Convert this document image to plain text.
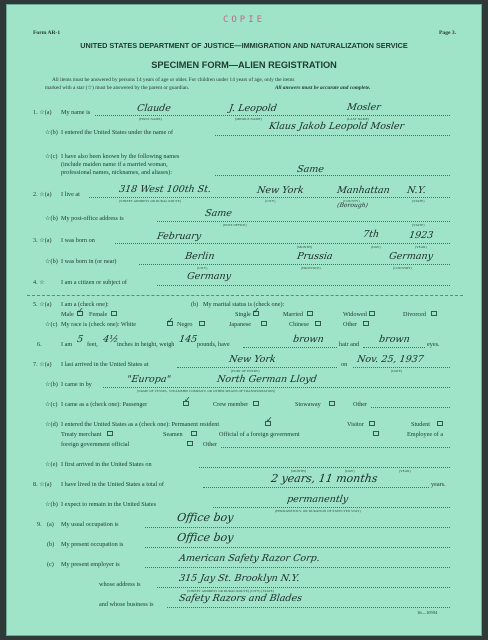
COPIE
Form AR-1	Page 3.
UNITED STATES DEPARTMENT OF JUSTICE—IMMIGRATION AND NATURALIZATION SERVICE
SPECIMEN FORM—ALIEN REGISTRATION
All items must be answered by persons 14 years of age or older. For children under 14 years of age, only the items
marked with a star (☆) must be answered by the parent or guardian.	All answers must be accurate and complete.
1. ☆(a) My name is	Claude	J. Leopold	Mosler
(FIRST NAME)	(MIDDLE NAME)	(LAST NAME)
☆(b) I entered the United States under the name of
Klaus Jakob Leopold Mosler
☆(c) I have also been known by the following names
(include maiden name if a married woman,
professional names, nicknames, and aliases):	Same
2. ☆(a) I live at	318 West 100th St.	New York	Manhattan N.Y.
(STREET ADDRESS OR RURAL ROUTE)	(CITY)	(COUNTY)	(STATE)
(Borough)
☆(b) My post-office address is	Same
(POST OFFICE)	(STATE)
3. ☆(a) I was born on	February	7th	1923
(MONTH)	(DAY)	(YEAR)
☆(b) I was born in (or near)	Berlin	Prussia	Germany
(CITY)	(PROVINCE)	(COUNTRY)
4. ☆	I am a citizen or subject of
Germany
5. ☆(a) I am a (check one):
Male ✓ Female
(b) My marital status is (check one):
Single ✓	Married	Widowed	Divorced
☆(c) My race is (check one): White	✓ Negro	Japanese	Chinese	Other
6.	I am 5 feet, 4½
inches in height, weigh 145 pounds, have	brown hair and brown	eyes.
7. ☆(a) I last arrived in the United States at	New York	on Nov. 25, 1937
(PORT OF ENTRY)	(DATE)
☆(b) I came in by	"Europa"	North German Lloyd
(NAME OF VESSEL, STEAMSHIP COMPANY, OR OTHER MEANS OF TRANSPORTATION)
☆(c) I came as a (check one): Passenger
✓
Crew member	Stowaway	Other
☆(d) I entered the United States as a (check one): Permanent resident
✓
Visitor	Student
Treaty merchant	Seamen	Official of a foreign government	Employee of a
foreign government official	Other
☆(e) I first arrived in the United States on
(MONTH)	(DAY)	(YEAR)
8. ☆(a) I have lived in the United States a total of	2 years, 11 months	years.
☆(b) I expect to remain in the United States	permanently
(PERMANENTLY, OR DURATION OF EXPECTED STAY)
9. (a) My usual occupation is
Office boy
(b) My present occupation is
Office boy
(c) My present employer is
American Safety Razor Corp.
whose address is
315 Jay St. Brooklyn N.Y.
(STREET ADDRESS OR RURAL ROUTE) (CITY) (STATE)
and whose business is
Safety Razors and Blades
16—10594
